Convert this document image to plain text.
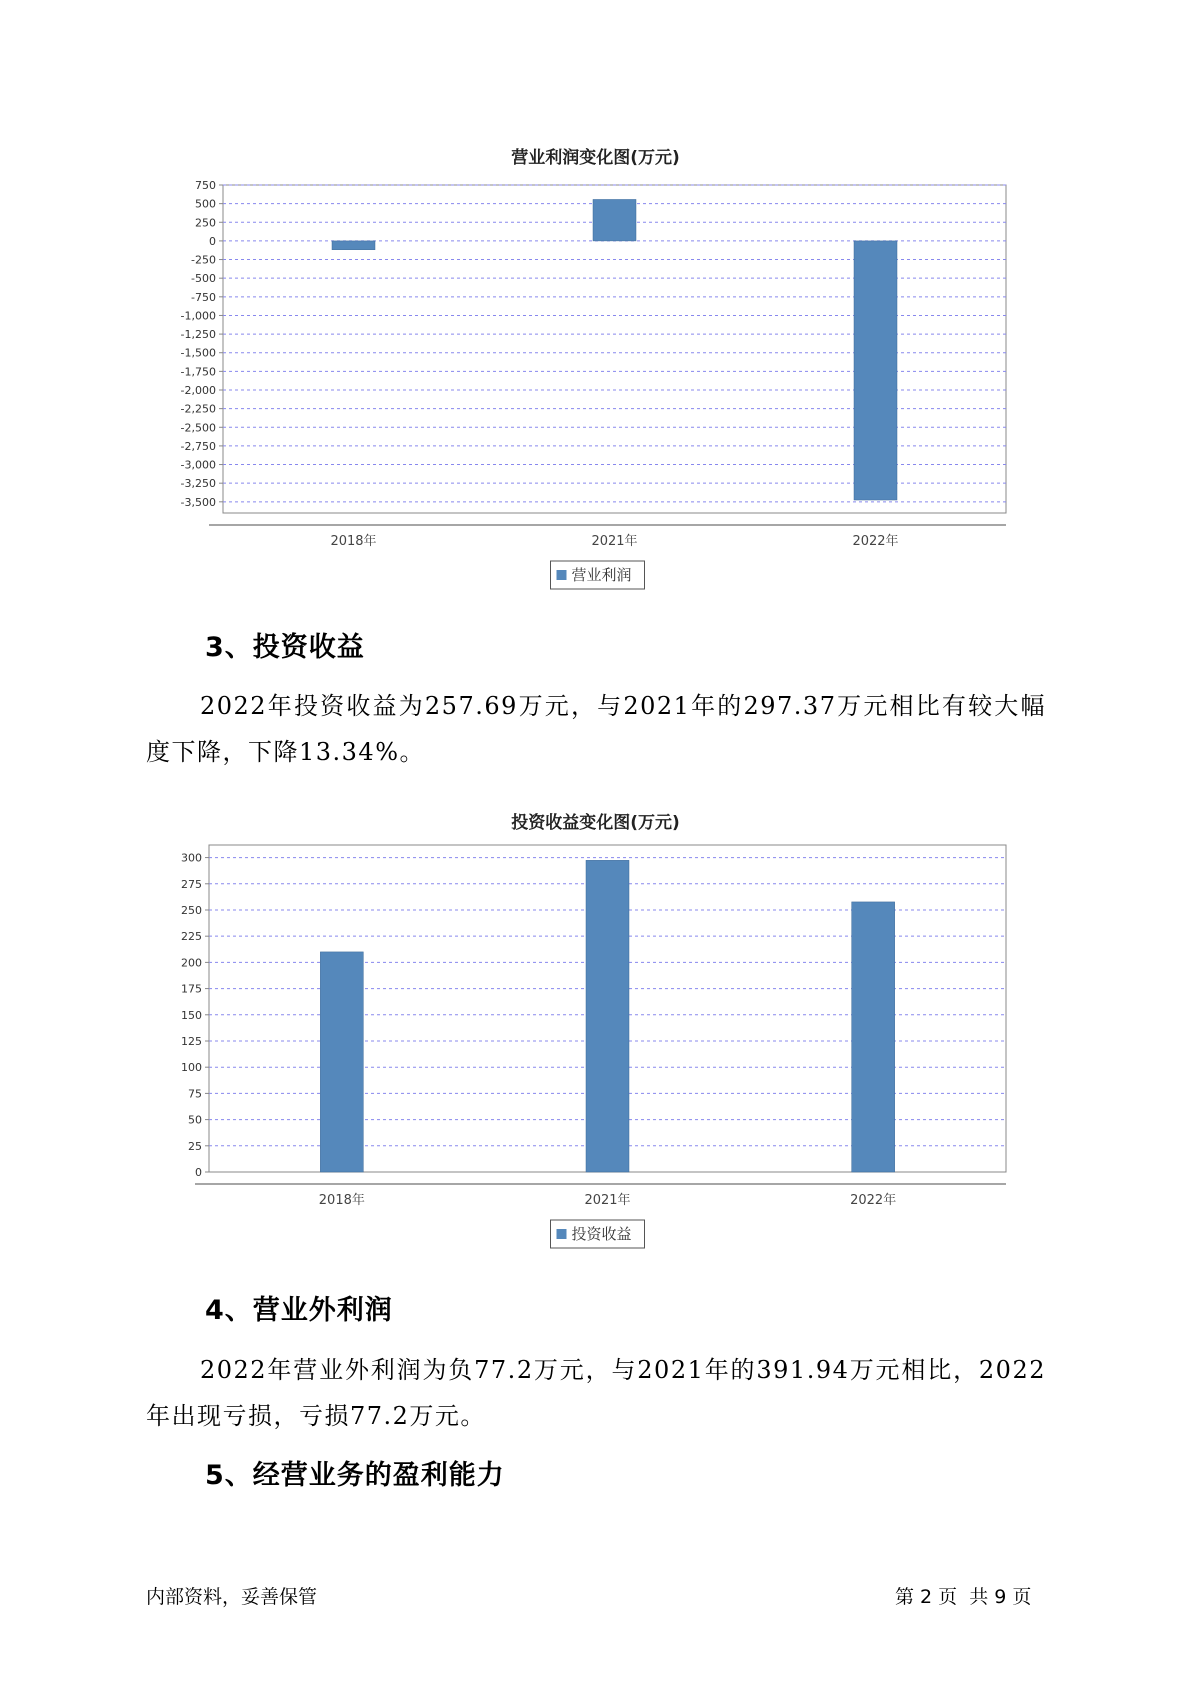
营业利润变化图(万元)
750
500
250
0
-250
-500
-750
-1,000
-1,250
-1,500
-1,750
-2,000
-2,250
-2,500
-2,750
-3,000
-3,250
-3,500
2018年	2021年	2022年
营业利润
3、投资收益
2022年投资收益为257.69万元，与2021年的297.37万元相比有较大幅度下降，下降13.34%。
投资收益变化图(万元)
300
275
250
225
200
175
150
125
100
75
50
25
0
2018年	2021年	2022年
投资收益
4、营业外利润
2022年营业外利润为负77.2万元，与2021年的391.94万元相比，2022年出现亏损，亏损77.2万元。
5、经营业务的盈利能力
内部资料，妥善保管	第 2 页  共 9 页
